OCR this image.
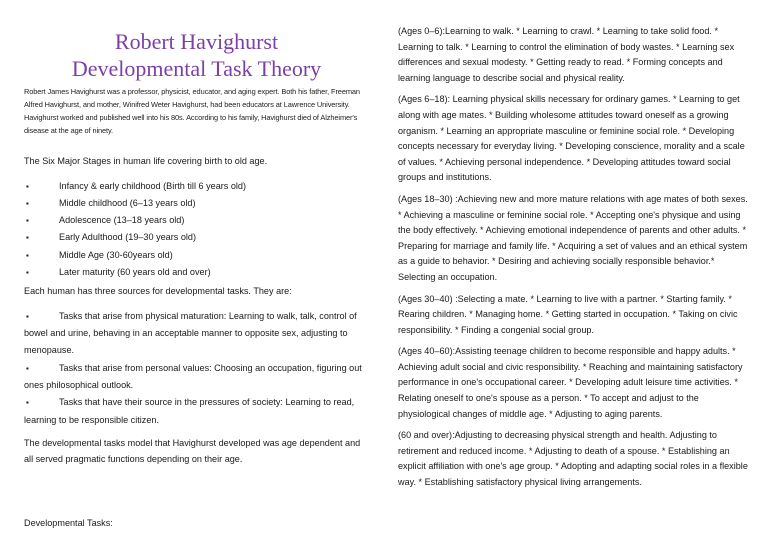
Robert Havighurst
Developmental Task Theory

Robert James Havighurst was a professor, physicist, educator, and aging expert. Both his father, Freeman Alfred Havighurst, and mother, Winifred Weter Havighurst, had been educators at Lawrence University. Havighurst worked and published well into his 80s. According to his family, Havighurst died of Alzheimer's disease at the age of ninety.

The Six Major Stages in human life covering birth to old age.

▪ Infancy & early childhood (Birth till 6 years old)
▪ Middle childhood (6–13 years old)
▪ Adolescence (13–18 years old)
▪ Early Adulthood (19–30 years old)
▪ Middle Age (30-60years old)
▪ Later maturity (60 years old and over)

Each human has three sources for developmental tasks. They are:

▪ Tasks that arise from physical maturation: Learning to walk, talk, control of bowel and urine, behaving in an acceptable manner to opposite sex, adjusting to menopause.
▪ Tasks that arise from personal values: Choosing an occupation, figuring out ones philosophical outlook.
▪ Tasks that have their source in the pressures of society: Learning to read, learning to be responsible citizen.

The developmental tasks model that Havighurst developed was age dependent and all served pragmatic functions depending on their age.

Developmental Tasks:

(Ages 0–6):Learning to walk. * Learning to crawl. * Learning to take solid food. * Learning to talk. * Learning to control the elimination of body wastes. * Learning sex differences and sexual modesty. * Getting ready to read. * Forming concepts and learning language to describe social and physical reality.

(Ages 6–18): Learning physical skills necessary for ordinary games. * Learning to get along with age mates. * Building wholesome attitudes toward oneself as a growing organism. * Learning an appropriate masculine or feminine social role. * Developing concepts necessary for everyday living. * Developing conscience, morality and a scale of values. * Achieving personal independence. * Developing attitudes toward social groups and institutions.

(Ages 18–30) :Achieving new and more mature relations with age mates of both sexes. * Achieving a masculine or feminine social role. * Accepting one's physique and using the body effectively. * Achieving emotional independence of parents and other adults. * Preparing for marriage and family life. * Acquiring a set of values and an ethical system as a guide to behavior. * Desiring and achieving socially responsible behavior.* Selecting an occupation.

(Ages 30–40) :Selecting a mate. * Learning to live with a partner. * Starting family. * Rearing children. * Managing home. * Getting started in occupation. * Taking on civic responsibility. * Finding a congenial social group.

(Ages 40–60):Assisting teenage children to become responsible and happy adults. * Achieving adult social and civic responsibility. * Reaching and maintaining satisfactory performance in one's occupational career. * Developing adult leisure time activities. * Relating oneself to one's spouse as a person. * To accept and adjust to the physiological changes of middle age. * Adjusting to aging parents.

(60 and over):Adjusting to decreasing physical strength and health. Adjusting to retirement and reduced income. * Adjusting to death of a spouse. * Establishing an explicit affiliation with one's age group. * Adopting and adapting social roles in a flexible way. * Establishing satisfactory physical living arrangements.
